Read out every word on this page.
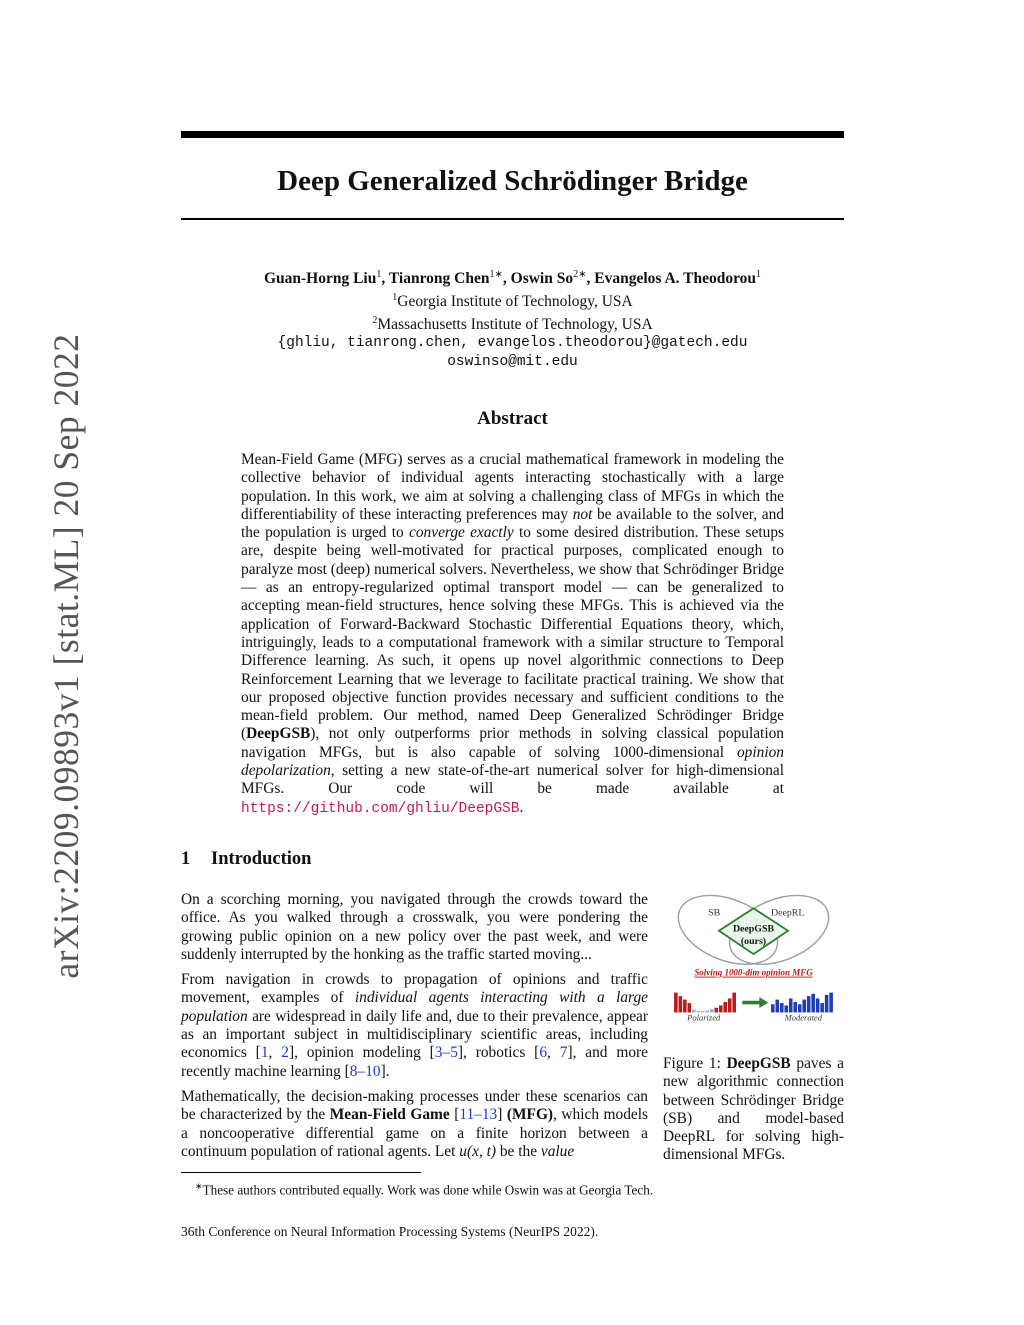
arXiv:2209.09893v1 [stat.ML] 20 Sep 2022
Deep Generalized Schrödinger Bridge
Guan-Horng Liu$^1$, Tianrong Chen$^{1∗}$, Oswin $So^{2∗}$, Evangelos A. Theodorou$^1$
$^1$Georgia Institute of Technology, USA
$^2$Massachusetts Institute of Technology, USA
{ghliu, tianrong.chen, evangelos.theodorou}@gatech.edu
oswinso@mit.edu
Abstract
Mean-Field Game (MFG) serves as a crucial mathematical framework in modeling the collective behavior of individual agents interacting stochastically with a large population. In this work, we aim at solving a challenging class of MFGs in which the differentiability of these interacting preferences may not be available to the solver, and the population is urged to converge exactly to some desired distribution. These setups are, despite being well-motivated for practical purposes, complicated enough to paralyze most (deep) numerical solvers. Nevertheless, we show that Schrödinger Bridge — as an entropy-regularized optimal transport model — can be generalized to accepting mean-field structures, hence solving these MFGs. This is achieved via the application of Forward-Backward Stochastic Differential Equations theory, which, intriguingly, leads to a computational framework with a similar structure to Temporal Difference learning. As such, it opens up novel algorithmic connections to Deep Reinforcement Learning that we leverage to facilitate practical training. We show that our proposed objective function provides necessary and sufficient conditions to the mean-field problem. Our method, named Deep Generalized Schrödinger Bridge (DeepGSB), not only outperforms prior methods in solving classical population navigation MFGs, but is also capable of solving 1000-dimensional opinion depolarization, setting a new state-of-the-art numerical solver for high-dimensional MFGs. Our code will be made available at https://github.com/ghliu/DeepGSB.
1 Introduction

On a scorching morning, you navigated through the crowds toward the office. As you walked through a crosswalk, you were pondering the growing public opinion on a new policy over the past week, and were suddenly interrupted by the honking as the traffic started moving...

From navigation in crowds to propagation of opinions and traffic movement, examples of individual agents interacting with a large population are widespread in daily life and, due to their prevalence, appear as an important subject in multidisciplinary scientific areas, including economics [1, 2], opinion modeling [3–5], robotics [6, 7], and more recently machine learning [8–10].

Mathematically, the decision-making processes under these scenarios can be characterized by the Mean-Field Game [11–13] (MFG), which models a noncooperative differential game on a finite horizon between a continuum population of rational agents. Let u(x, t) be the value

SB	DeepRL
DeepGSB
(ours)
Solving 1000-dim opinion MFG
Polarized	Moderated
Figure 1: DeepGSB paves a new algorithmic connection between Schrödinger Bridge (SB) and model-based DeepRL for solving high-dimensional MFGs.
∗These authors contributed equally. Work was done while Oswin was at Georgia Tech.
36th Conference on Neural Information Processing Systems (NeurIPS 2022).
